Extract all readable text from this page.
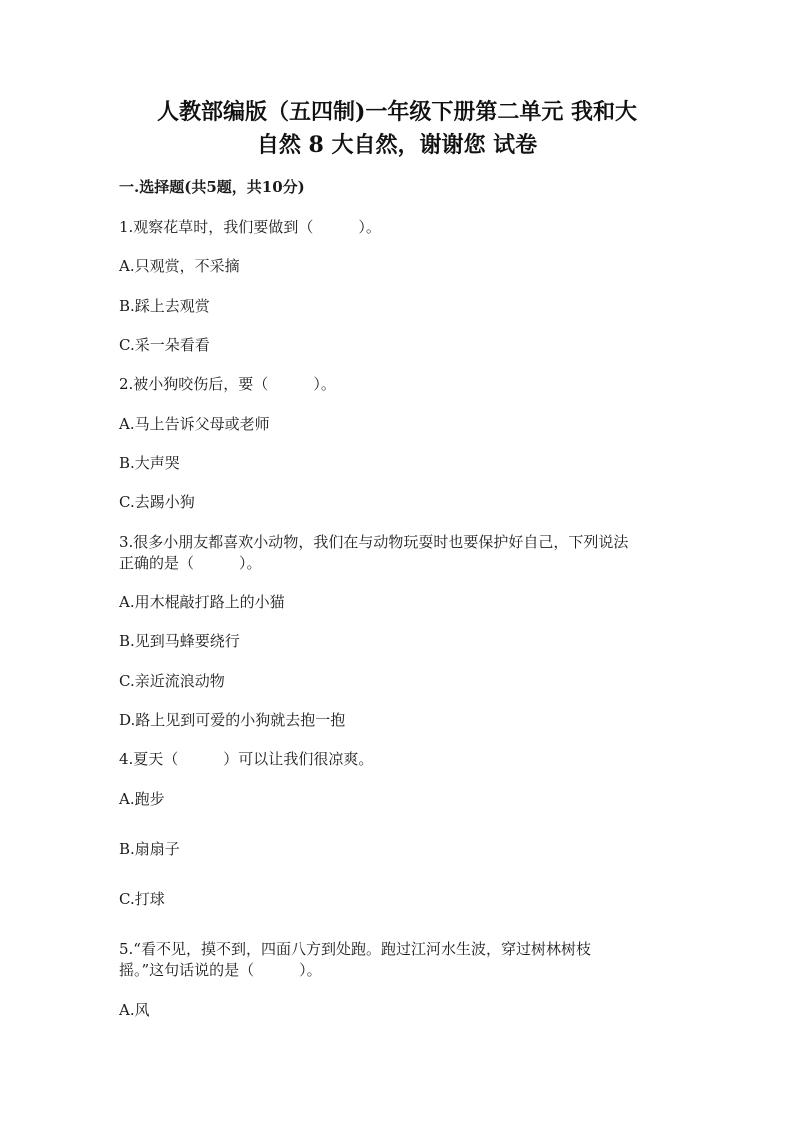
人教部编版（五四制)一年级下册第二单元 我和大
自然 8 大自然，谢谢您 试卷
一.选择题(共5题，共10分)
1.观察花草时，我们要做到（　　　）。
A.只观赏，不采摘
B.踩上去观赏
C.采一朵看看
2.被小狗咬伤后，要（　　　）。
A.马上告诉父母或老师
B.大声哭
C.去踢小狗
3.很多小朋友都喜欢小动物，我们在与动物玩耍时也要保护好自己，下列说法
正确的是（　　　）。
A.用木棍敲打路上的小猫
B.见到马蜂要绕行
C.亲近流浪动物
D.路上见到可爱的小狗就去抱一抱
4.夏天（　　　）可以让我们很凉爽。
A.跑步
B.扇扇子
C.打球
5.“看不见，摸不到，四面八方到处跑。跑过江河水生波，穿过树林树枝
摇。”这句话说的是（　　　）。
A.风
